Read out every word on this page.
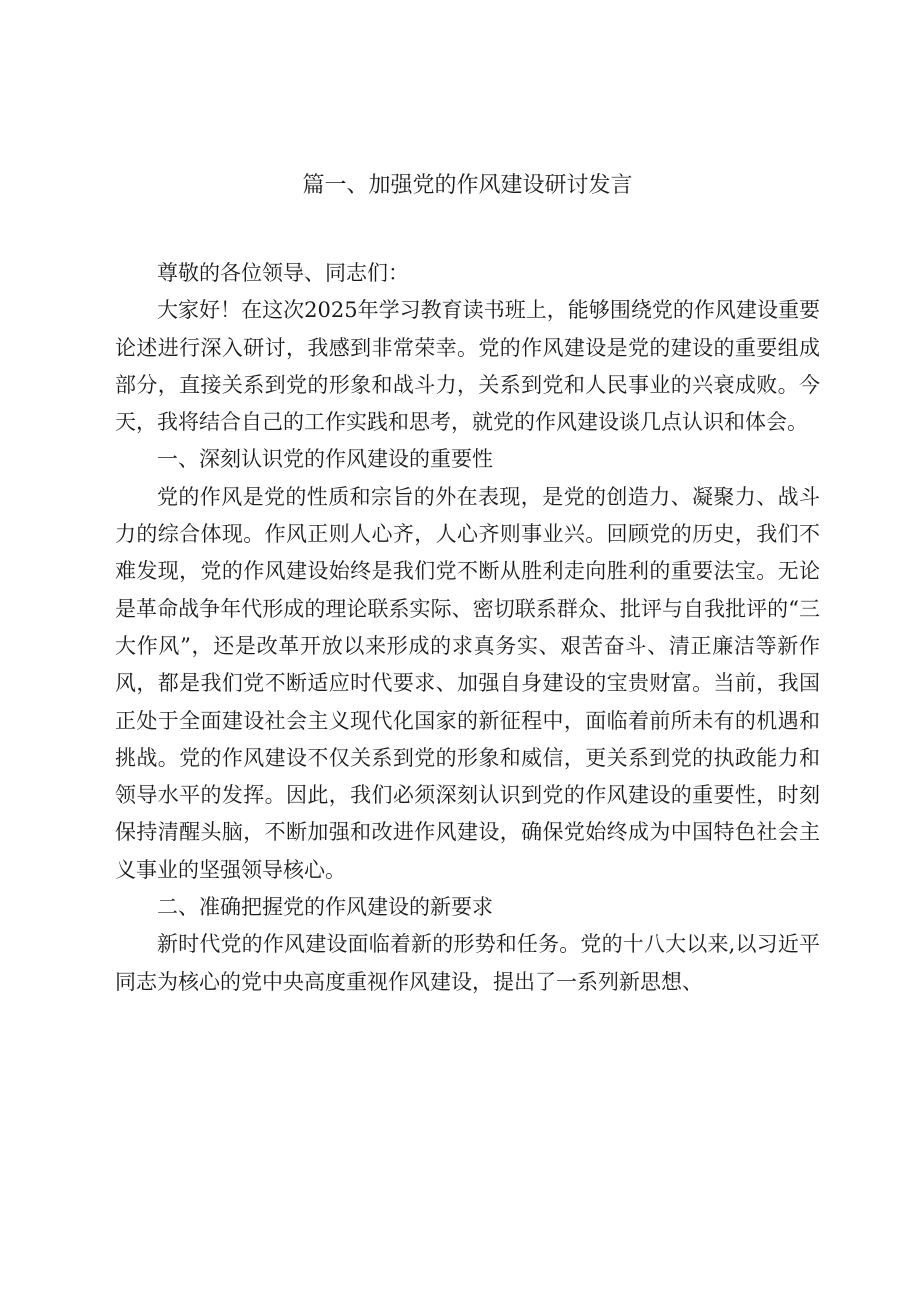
篇一、加强党的作风建设研讨发言

尊敬的各位领导、同志们：

大家好！在这次2025年学习教育读书班上，能够围绕党的作风建设重要论述进行深入研讨，我感到非常荣幸。党的作风建设是党的建设的重要组成部分，直接关系到党的形象和战斗力，关系到党和人民事业的兴衰成败。今天，我将结合自己的工作实践和思考，就党的作风建设谈几点认识和体会。

一、深刻认识党的作风建设的重要性

党的作风是党的性质和宗旨的外在表现，是党的创造力、凝聚力、战斗力的综合体现。作风正则人心齐，人心齐则事业兴。回顾党的历史，我们不难发现，党的作风建设始终是我们党不断从胜利走向胜利的重要法宝。无论是革命战争年代形成的理论联系实际、密切联系群众、批评与自我批评的“三大作风”，还是改革开放以来形成的求真务实、艰苦奋斗、清正廉洁等新作风，都是我们党不断适应时代要求、加强自身建设的宝贵财富。当前，我国正处于全面建设社会主义现代化国家的新征程中，面临着前所未有的机遇和挑战。党的作风建设不仅关系到党的形象和威信，更关系到党的执政能力和领导水平的发挥。因此，我们必须深刻认识到党的作风建设的重要性，时刻保持清醒头脑，不断加强和改进作风建设，确保党始终成为中国特色社会主义事业的坚强领导核心。

二、准确把握党的作风建设的新要求

新时代党的作风建设面临着新的形势和任务。党的十八大以来,以习近平同志为核心的党中央高度重视作风建设，提出了一系列新思想、
